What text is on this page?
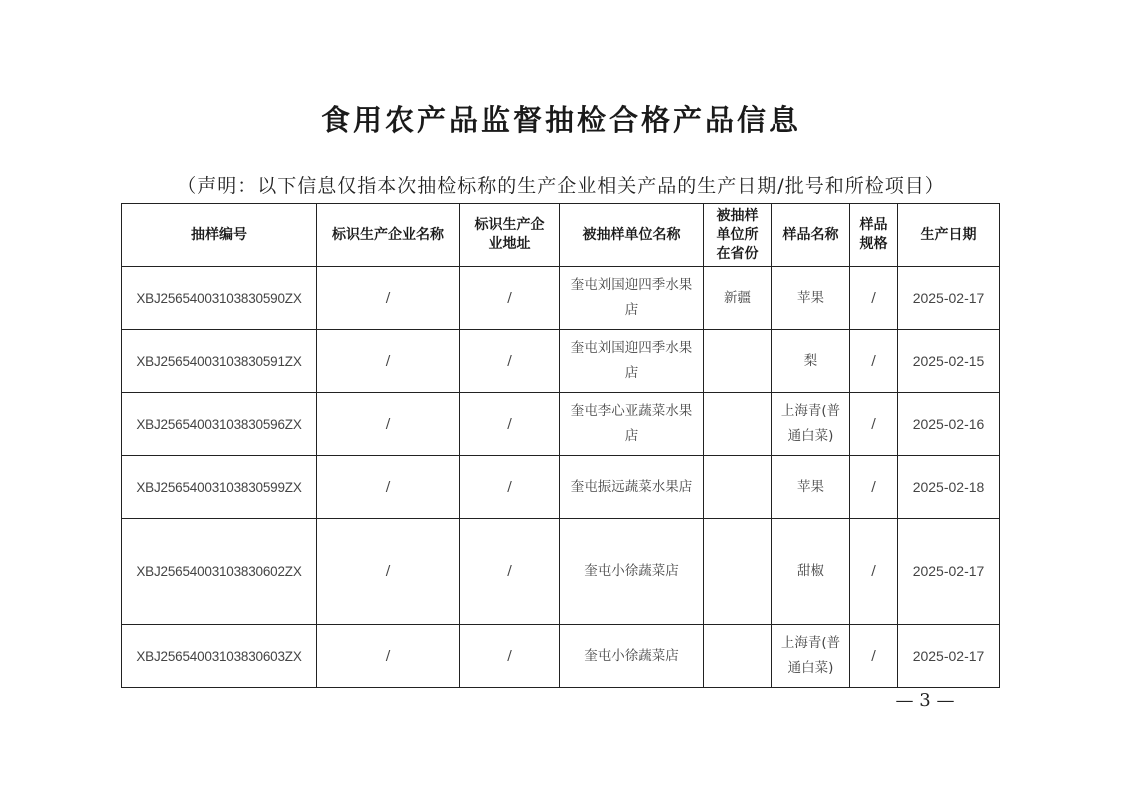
食用农产品监督抽检合格产品信息
（声明：以下信息仅指本次抽检标称的生产企业相关产品的生产日期/批号和所检项目）
抽样编号	标识生产企业名称	标识生产企业地址	被抽样单位名称	被抽样单位所在省份	样品名称	样品规格	生产日期
XBJ25654003103830590ZX	/	/	奎屯刘国迎四季水果店	新疆	苹果	/	2025-02-17
XBJ25654003103830591ZX	/	/	奎屯刘国迎四季水果店		梨	/	2025-02-15
XBJ25654003103830596ZX	/	/	奎屯李心亚蔬菜水果店		上海青(普通白菜)	/	2025-02-16
XBJ25654003103830599ZX	/	/	奎屯振远蔬菜水果店		苹果	/	2025-02-18
XBJ25654003103830602ZX	/	/	奎屯小徐蔬菜店		甜椒	/	2025-02-17
XBJ25654003103830603ZX	/	/	奎屯小徐蔬菜店		上海青(普通白菜)	/	2025-02-17
— 3 —
